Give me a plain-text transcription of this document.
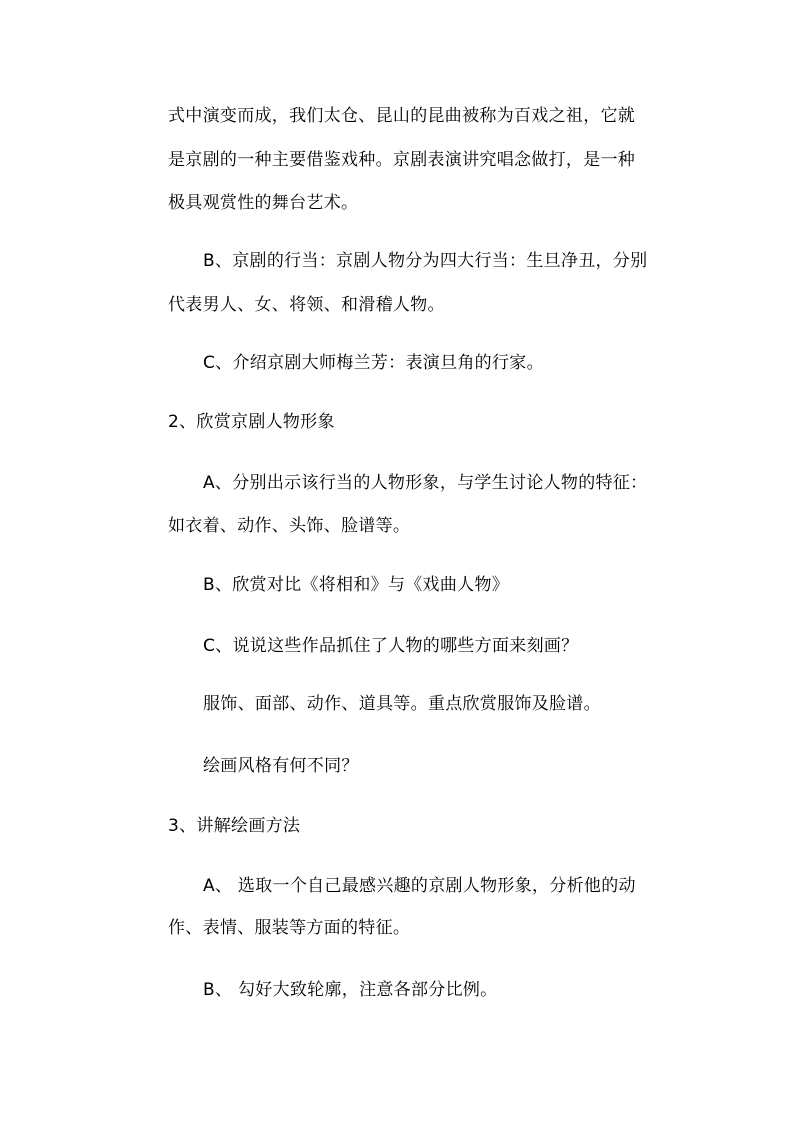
式中演变而成，我们太仓、昆山的昆曲被称为百戏之祖，它就
是京剧的一种主要借鉴戏种。京剧表演讲究唱念做打，是一种
极具观赏性的舞台艺术。
B、京剧的行当：京剧人物分为四大行当：生旦净丑，分别
代表男人、女、将领、和滑稽人物。
C、介绍京剧大师梅兰芳：表演旦角的行家。
2、欣赏京剧人物形象
A、分别出示该行当的人物形象，与学生讨论人物的特征：
如衣着、动作、头饰、脸谱等。
B、欣赏对比《将相和》与《戏曲人物》
C、说说这些作品抓住了人物的哪些方面来刻画？
服饰、面部、动作、道具等。重点欣赏服饰及脸谱。
绘画风格有何不同？
3、讲解绘画方法
A、 选取一个自己最感兴趣的京剧人物形象，分析他的动
作、表情、服装等方面的特征。
B、 勾好大致轮廓，注意各部分比例。
